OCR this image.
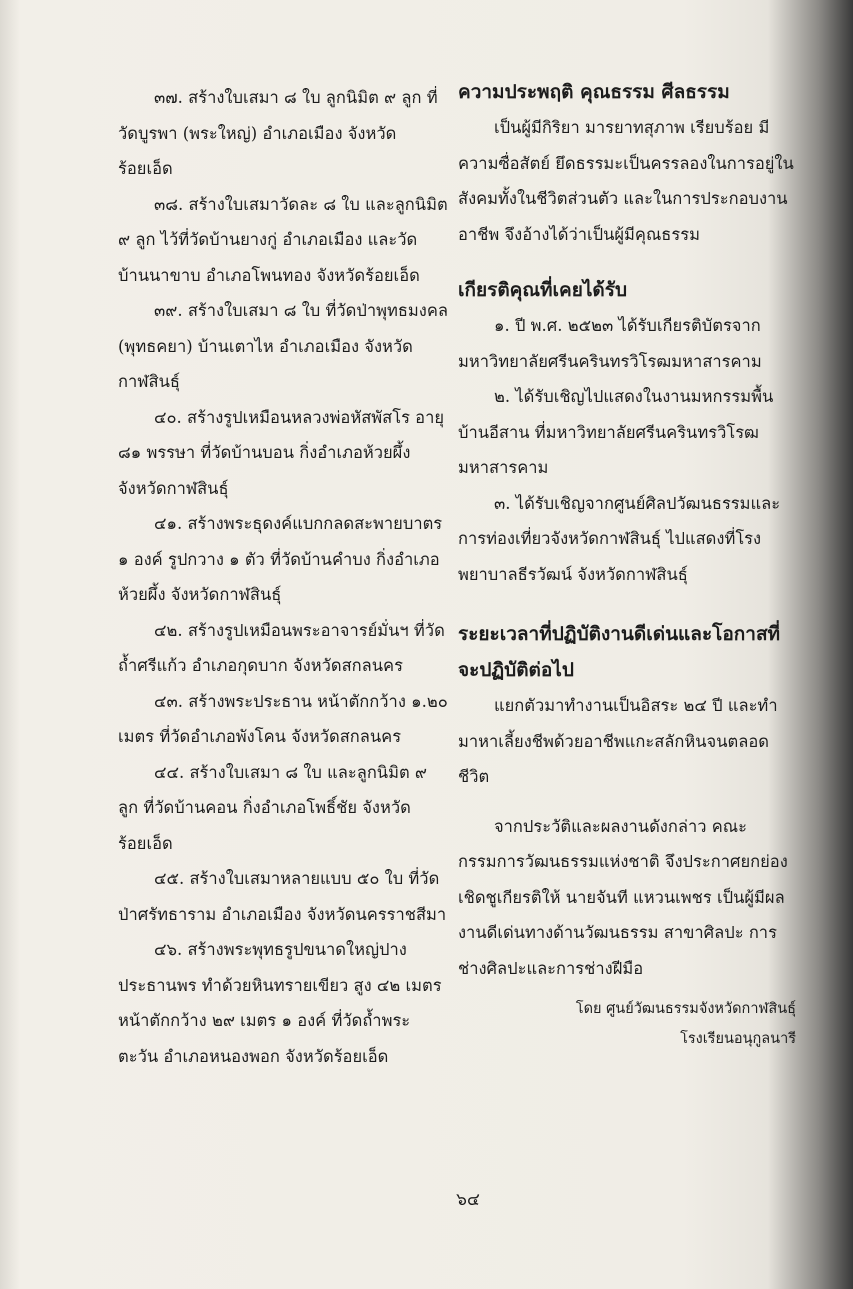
๓๗. สร้างใบเสมา ๘ ใบ ลูกนิมิต ๙ ลูก ที่วัดบูรพา (พระใหญ่) อำเภอเมือง จังหวัดร้อยเอ็ด

๓๘. สร้างใบเสมาวัดละ ๘ ใบ และลูกนิมิต ๙ ลูก ไว้ที่วัดบ้านยางกู่ อำเภอเมือง และวัดบ้านนาขาบ อำเภอโพนทอง จังหวัดร้อยเอ็ด

๓๙. สร้างใบเสมา ๘ ใบ ที่วัดป่าพุทธมงคล (พุทธคยา) บ้านเตาไห อำเภอเมือง จังหวัดกาฬสินธุ์

๔๐. สร้างรูปเหมือนหลวงพ่อหัสพัสโร อายุ ๘๑ พรรษา ที่วัดบ้านบอน กิ่งอำเภอห้วยผึ้ง จังหวัดกาฬสินธุ์

๔๑. สร้างพระธุดงค์แบกกลดสะพายบาตร ๑ องค์ รูปกวาง ๑ ตัว ที่วัดบ้านคำบง กิ่งอำเภอห้วยผึ้ง จังหวัดกาฬสินธุ์

๔๒. สร้างรูปเหมือนพระอาจารย์มั่นฯ ที่วัดถ้ำศรีแก้ว อำเภอกุดบาก จังหวัดสกลนคร

๔๓. สร้างพระประธาน หน้าตักกว้าง ๑.๒๐ เมตร ที่วัดอำเภอพังโคน จังหวัดสกลนคร

๔๔. สร้างใบเสมา ๘ ใบ และลูกนิมิต ๙ ลูก ที่วัดบ้านคอน กิ่งอำเภอโพธิ์ชัย จังหวัดร้อยเอ็ด

๔๕. สร้างใบเสมาหลายแบบ ๕๐ ใบ ที่วัดป่าศรัทธาราม อำเภอเมือง จังหวัดนครราชสีมา

๔๖. สร้างพระพุทธรูปขนาดใหญ่ปางประธานพร ทำด้วยหินทรายเขียว สูง ๔๒ เมตร หน้าตักกว้าง ๒๙ เมตร ๑ องค์ ที่วัดถ้ำพระตะวัน อำเภอหนองพอก จังหวัดร้อยเอ็ด

ความประพฤติ คุณธรรม ศีลธรรม

เป็นผู้มีกิริยา มารยาทสุภาพ เรียบร้อย มีความซื่อสัตย์ ยึดธรรมะเป็นครรลองในการอยู่ในสังคมทั้งในชีวิตส่วนตัว และในการประกอบงานอาชีพ จึงอ้างได้ว่าเป็นผู้มีคุณธรรม

เกียรติคุณที่เคยได้รับ

๑. ปี พ.ศ. ๒๕๒๓ ได้รับเกียรติบัตรจากมหาวิทยาลัยศรีนครินทรวิโรฒมหาสารคาม

๒. ได้รับเชิญไปแสดงในงานมหกรรมพื้นบ้านอีสาน ที่มหาวิทยาลัยศรีนครินทรวิโรฒมหาสารคาม

๓. ได้รับเชิญจากศูนย์ศิลปวัฒนธรรมและการท่องเที่ยวจังหวัดกาฬสินธุ์ ไปแสดงที่โรงพยาบาลธีรวัฒน์ จังหวัดกาฬสินธุ์

ระยะเวลาที่ปฏิบัติงานดีเด่นและโอกาสที่จะปฏิบัติต่อไป

แยกตัวมาทำงานเป็นอิสระ ๒๔ ปี และทำมาหาเลี้ยงชีพด้วยอาชีพแกะสลักหินจนตลอดชีวิต

จากประวัติและผลงานดังกล่าว คณะกรรมการวัฒนธรรมแห่งชาติ จึงประกาศยกย่องเชิดชูเกียรติให้ นายจันที แหวนเพชร เป็นผู้มีผลงานดีเด่นทางด้านวัฒนธรรม สาขาศิลปะ การช่างศิลปะและการช่างฝีมือ

โดย ศูนย์วัฒนธรรมจังหวัดกาฬสินธุ์
โรงเรียนอนุกูลนารี
๖๔
